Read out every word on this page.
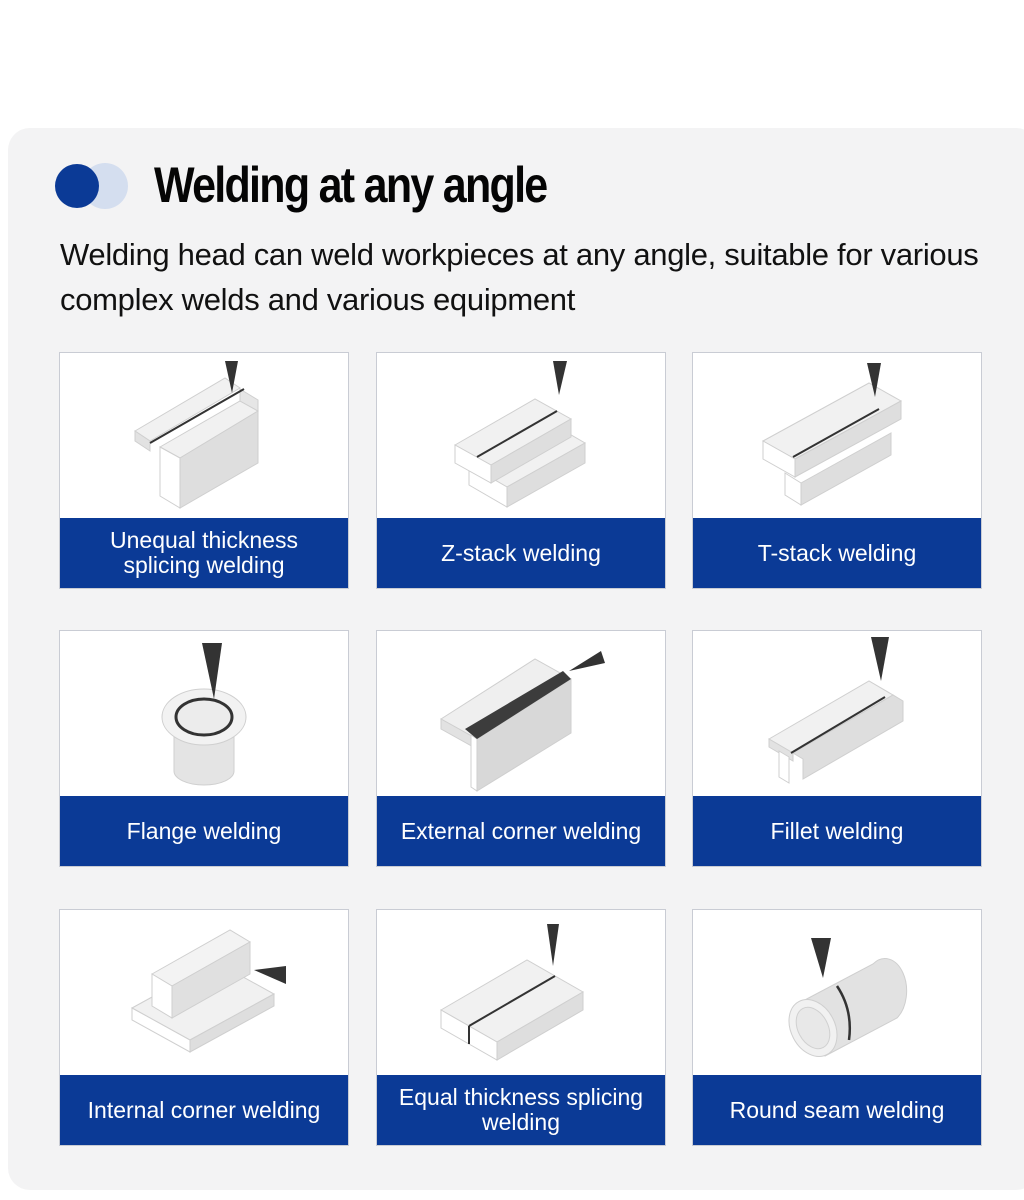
Welding at any angle

Welding head can weld workpieces at any angle, suitable for various complex welds and various equipment

Unequal thickness splicing welding	Z-stack welding	T-stack welding
Flange welding	External corner welding	Fillet welding
Internal corner welding	Equal thickness splicing welding	Round seam welding
